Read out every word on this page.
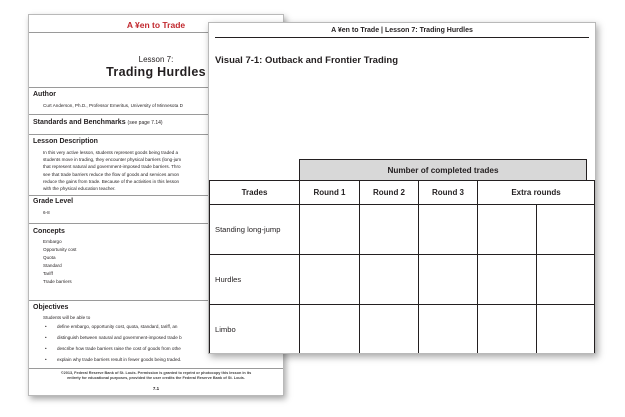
A ¥en to Trade
Lesson 7:
Trading Hurdles
Author
Curt Anderson, Ph.D., Professor Emeritus, University of Minnesota D
Standards and Benchmarks (see page 7.14)
Lesson Description
In this very active lesson, students represent goods being traded a
students move in trading, they encounter physical barriers (long-jum
that represent natural and government-imposed trade barriers. Thro
see that trade barriers reduce the flow of goods and services amon
reduce the gains from trade. Because of the activities in this lesson
with the physical education teacher.
Grade Level
6-8
Concepts
Embargo
Opportunity cost
Quota
Standard
Tariff
Trade barriers
Objectives
Students will be able to
• define embargo, opportunity cost, quota, standard, tariff, an
• distinguish between natural and government-imposed trade b
• describe how trade barriers raise the cost of goods from othe
• explain why trade barriers result in fewer goods being traded.
©2013, Federal Reserve Bank of St. Louis. Permission is granted to reprint or photocopy this lesson in its
entirety for educational purposes, provided the user credits the Federal Reserve Bank of St. Louis.
7.1
A ¥en to Trade | Lesson 7: Trading Hurdles
Visual 7-1: Outback and Frontier Trading
Number of completed trades
Trades	Round 1	Round 2	Round 3	Extra rounds
Standing long-jump
Hurdles
Limbo
